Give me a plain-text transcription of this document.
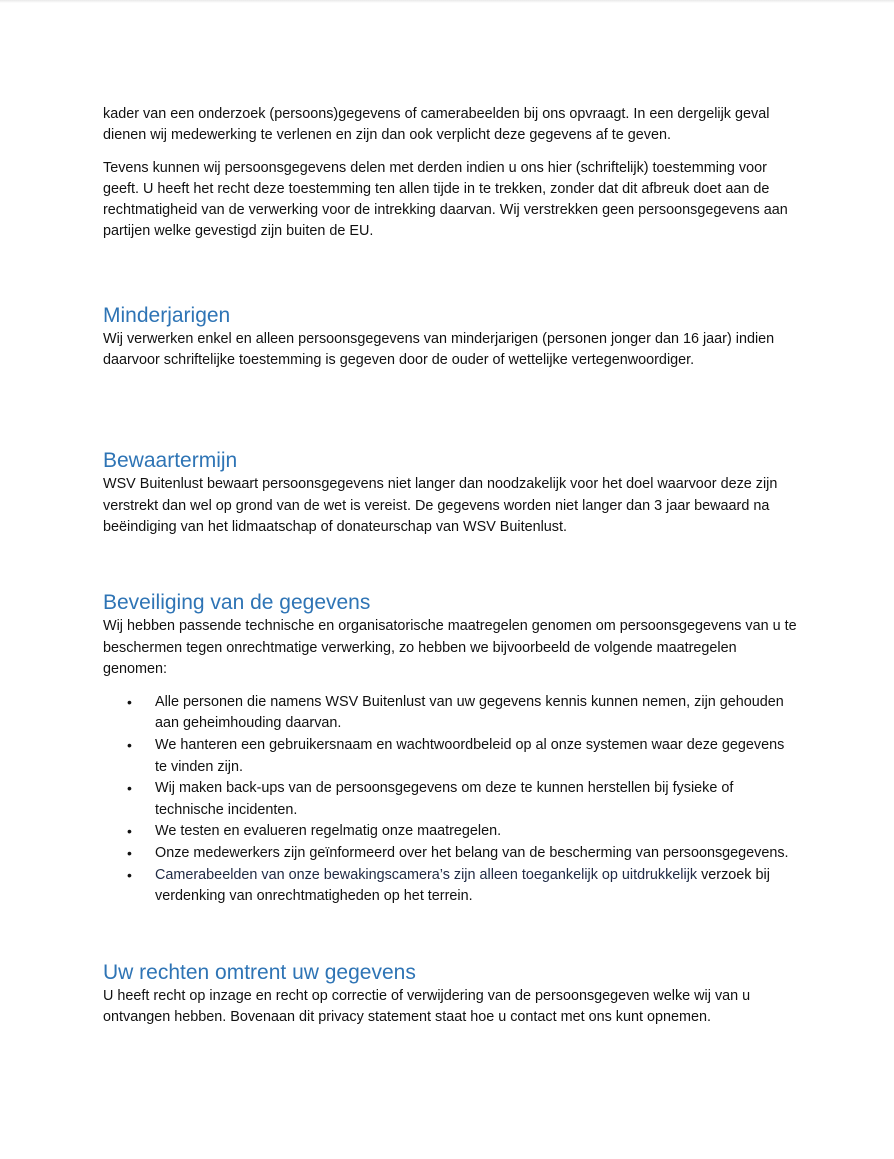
kader van een onderzoek (persoons)gegevens of camerabeelden bij ons opvraagt. In een dergelijk geval dienen wij medewerking te verlenen en zijn dan ook verplicht deze gegevens af te geven.

Tevens kunnen wij persoonsgegevens delen met derden indien u ons hier (schriftelijk) toestemming voor geeft. U heeft het recht deze toestemming ten allen tijde in te trekken, zonder dat dit afbreuk doet aan de rechtmatigheid van de verwerking voor de intrekking daarvan. Wij verstrekken geen persoonsgegevens aan partijen welke gevestigd zijn buiten de EU.

Minderjarigen

Wij verwerken enkel en alleen persoonsgegevens van minderjarigen (personen jonger dan 16 jaar) indien daarvoor schriftelijke toestemming is gegeven door de ouder of wettelijke vertegenwoordiger.

Bewaartermijn

WSV Buitenlust bewaart persoonsgegevens niet langer dan noodzakelijk voor het doel waarvoor deze zijn verstrekt dan wel op grond van de wet is vereist. De gegevens worden niet langer dan 3 jaar bewaard na beëindiging van het lidmaatschap of donateurschap van WSV Buitenlust.

Beveiliging van de gegevens

Wij hebben passende technische en organisatorische maatregelen genomen om persoonsgegevens van u te beschermen tegen onrechtmatige verwerking, zo hebben we bijvoorbeeld de volgende maatregelen genomen:

• Alle personen die namens WSV Buitenlust van uw gegevens kennis kunnen nemen, zijn gehouden aan geheimhouding daarvan.
• We hanteren een gebruikersnaam en wachtwoordbeleid op al onze systemen waar deze gegevens te vinden zijn.
• Wij maken back-ups van de persoonsgegevens om deze te kunnen herstellen bij fysieke of technische incidenten.
• We testen en evalueren regelmatig onze maatregelen.
• Onze medewerkers zijn geïnformeerd over het belang van de bescherming van persoonsgegevens.
• Camerabeelden van onze bewakingscamera’s zijn alleen toegankelijk op uitdrukkelijk verzoek bij verdenking van onrechtmatigheden op het terrein.
Uw rechten omtrent uw gegevens

U heeft recht op inzage en recht op correctie of verwijdering van de persoonsgegeven welke wij van u ontvangen hebben. Bovenaan dit privacy statement staat hoe u contact met ons kunt opnemen.
